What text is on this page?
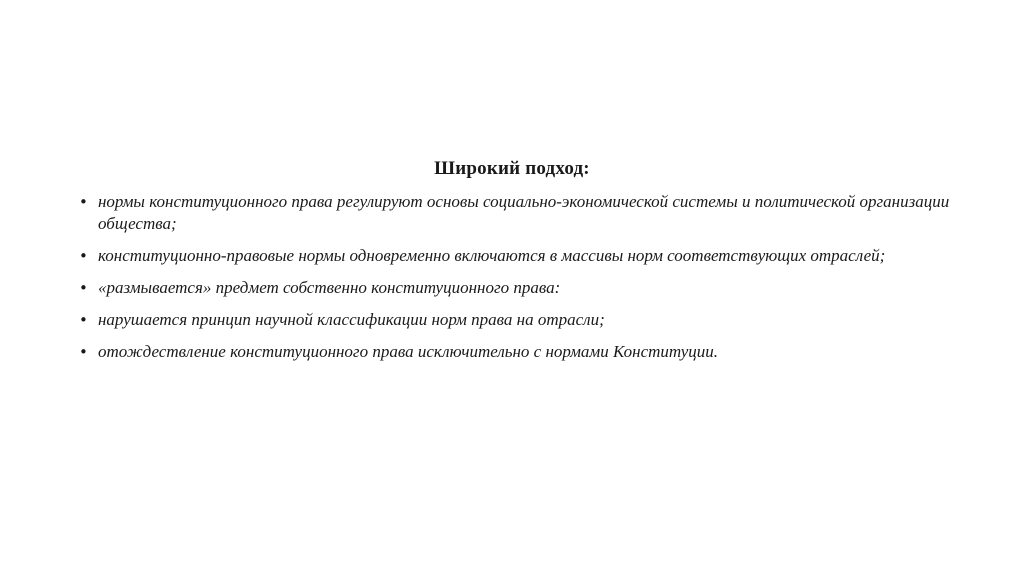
Широкий подход:
• нормы конституционного права регулируют основы социально-экономической системы и политической организации общества;
• конституционно-правовые нормы одновременно включаются в массивы норм соответствующих отраслей;
• «размывается» предмет собственно конституционного права:
• нарушается принцип научной классификации норм права на отрасли;
• отождествление конституционного права исключительно с нормами Конституции.
